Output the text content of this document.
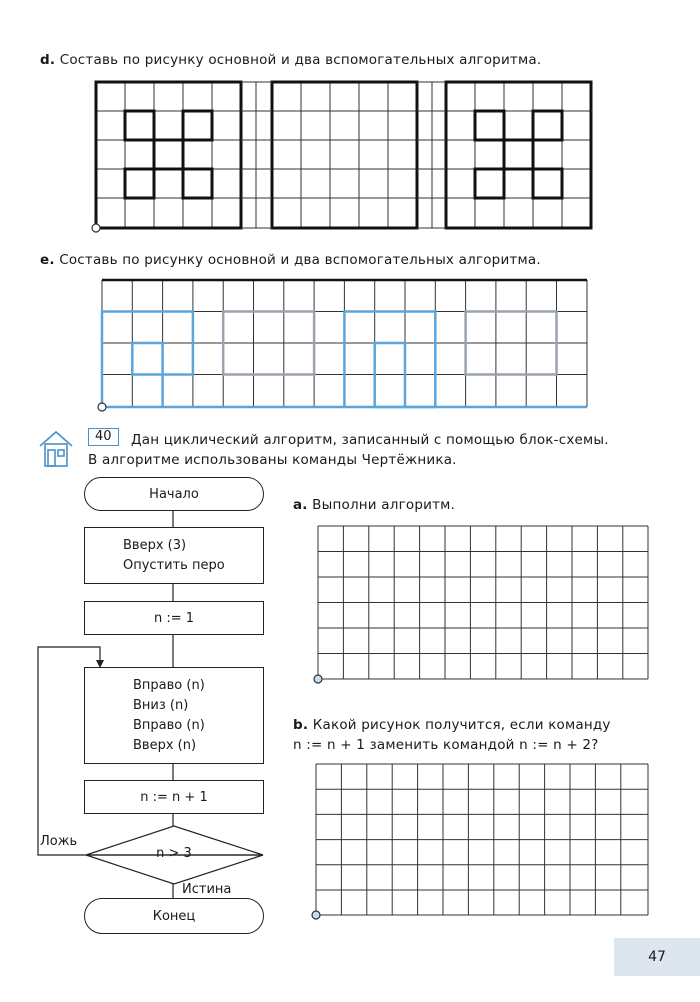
d. Составь по рисунку основной и два вспомогательных алгоритма.
e. Составь по рисунку основной и два вспомогательных алгоритма.
40	Дан циклический алгоритм, записанный с помощью блок-схемы.
В алгоритме использованы команды Чертёжника.
Начало
Вверх (3)
Опустить перо
n := 1
Вправо (n)
Вниз (n)
Вправо (n)
Вверх (n)
n := n + 1
n > 3
Ложь
Истина
Конец
a. Выполни алгоритм.
b. Какой рисунок получится, если команду
n := n + 1 заменить командой n := n + 2?
47
